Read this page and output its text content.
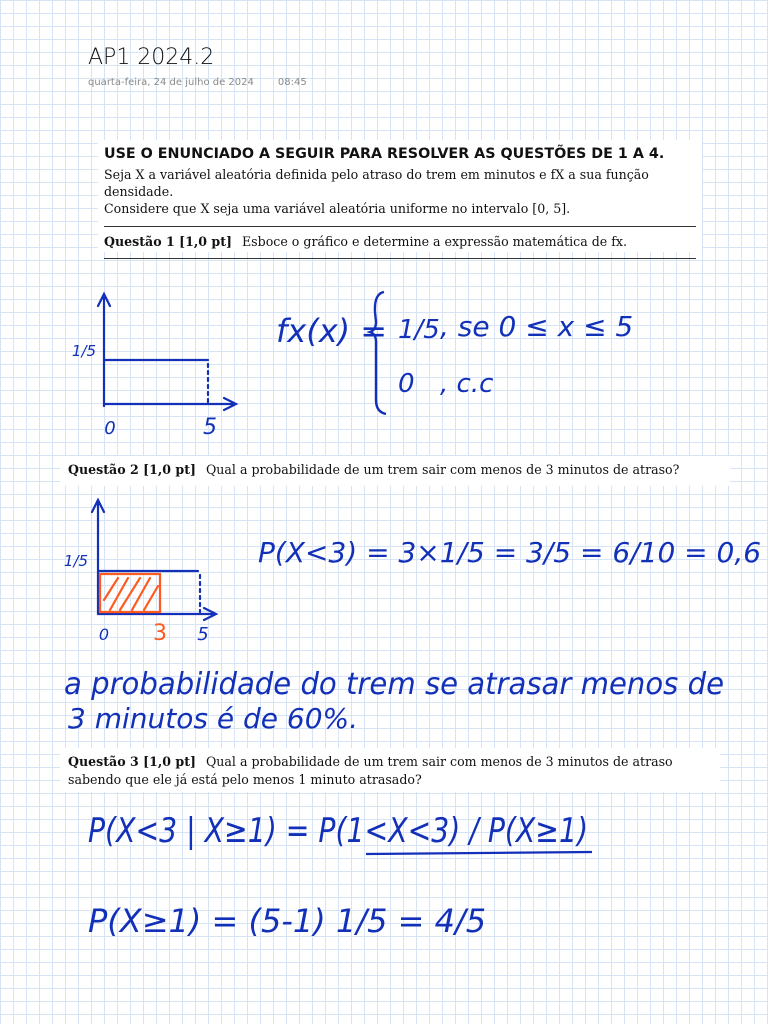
AP1 2024.2
quarta-feira, 24 de julho de 2024 08:45
USE O ENUNCIADO A SEGUIR PARA RESOLVER AS QUESTÕES DE 1 A 4.
Seja X a variável aleatória definida pelo atraso do trem em minutos e fX a sua função densidade.
Considere que X seja uma variável aleatória uniforme no intervalo [0, 5].
Questão 1 [1,0 pt] Esboce o gráfico e determine a expressão matemática de fx.
Questão 2 [1,0 pt] Qual a probabilidade de um trem sair com menos de 3 minutos de atraso?
Questão 3 [1,0 pt] Qual a probabilidade de um trem sair com menos de 3 minutos de atraso
sabendo que ele já está pelo menos 1 minuto atrasado?
1/5
0	5
fx(x) = 1/5 , se 0 ≤ x ≤ 5
0 , c.c
1/5
0 3 5
P(X<3) = 3×1/5 = 3/5 = 6/10 = 0,6
a probabilidade do trem se atrasar menos de
3 minutos é de 60%.
P(X<3 | X≥1) = P(1<X<3) / P(X≥1)
P(X≥1) = (5-1) 1/5 = 4/5
